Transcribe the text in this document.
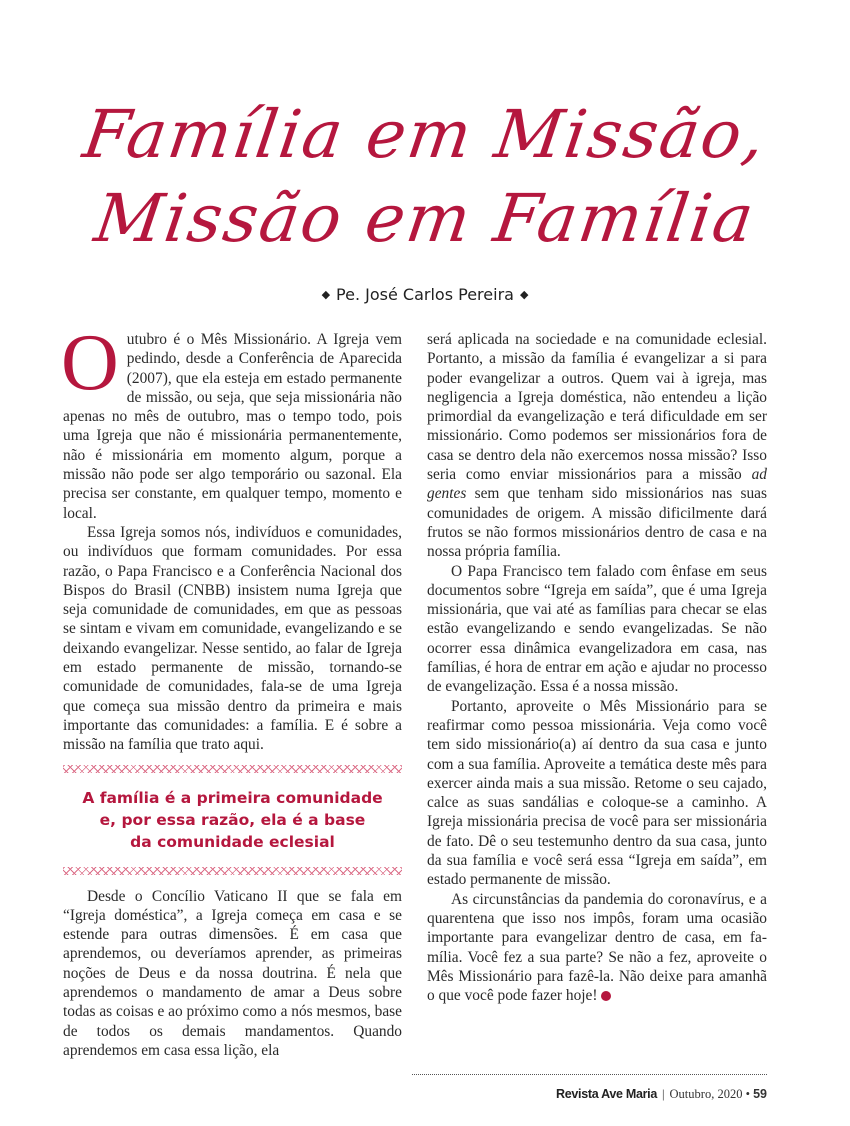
Família em Missão,
Missão em Família
◆ Pe. José Carlos Pereira ◆

Outubro é o Mês Missionário. A Igreja vem pedindo, desde a Conferência de Aparecida (2007), que ela esteja em estado permanente de missão, ou seja, que seja missionária não apenas no mês de outubro, mas o tempo todo, pois uma Igreja que não é missionária permanentemente, não é missionária em momento algum, porque a missão não pode ser algo temporário ou sazonal. Ela precisa ser constante, em qualquer tempo, momento e local.

Essa Igreja somos nós, indivíduos e comunidades, ou indivíduos que formam comunidades. Por essa razão, o Papa Francisco e a Conferência Nacional dos Bispos do Brasil (CNBB) insistem numa Igreja que seja comunidade de comunidades, em que as pessoas se sintam e vivam em comunidade, evangelizando e se deixando evangelizar. Nesse sentido, ao falar de Igreja em estado permanente de missão, tornando-se comunidade de comunidades, fala-se de uma Igreja que começa sua missão dentro da primeira e mais importante das comunidades: a família. E é sobre a missão na família que trato aqui.

A família é a primeira comunidade
e, por essa razão, ela é a base
da comunidade eclesial

Desde o Concílio Vaticano II que se fala em “Igreja doméstica”, a Igreja começa em casa e se estende para outras dimensões. É em casa que aprendemos, ou deveríamos aprender, as primeiras noções de Deus e da nossa doutrina. É nela que aprendemos o mandamento de amar a Deus sobre todas as coisas e ao próximo como a nós mesmos, base de todos os demais mandamentos. Quando aprendemos em casa essa lição, ela

será aplicada na sociedade e na comunidade eclesial. Portanto, a missão da família é evangelizar a si para poder evangelizar a outros. Quem vai à igreja, mas negligencia a Igreja doméstica, não entendeu a lição primordial da evangelização e terá dificuldade em ser missionário. Como podemos ser missionários fora de casa se dentro dela não exercemos nossa missão? Isso seria como enviar missionários para a missão ad gentes sem que tenham sido missionários nas suas comunidades de origem. A missão dificilmente dará frutos se não formos missionários dentro de casa e na nossa própria família.

O Papa Francisco tem falado com ênfase em seus documentos sobre “Igreja em saída”, que é uma Igreja missionária, que vai até as famílias para checar se elas estão evangelizando e sendo evangelizadas. Se não ocorrer essa dinâmica evangelizadora em casa, nas famílias, é hora de entrar em ação e ajudar no processo de evangelização. Essa é a nossa missão.

Portanto, aproveite o Mês Missionário para se reafirmar como pessoa missionária. Veja como você tem sido missionário(a) aí dentro da sua casa e junto com a sua família. Aproveite a temática deste mês para exercer ainda mais a sua missão. Retome o seu cajado, calce as suas sandálias e coloque-se a caminho. A Igreja missionária precisa de você para ser missionária de fato. Dê o seu testemunho dentro da sua casa, junto da sua família e você será essa “Igreja em saída”, em estado permanente de missão.

As circunstâncias da pandemia do coronavírus, e a quarentena que isso nos impôs, foram uma ocasião importante para evangelizar dentro de casa, em família. Você fez a sua parte? Se não a fez, aproveite o Mês Missionário para fazê-la. Não deixe para amanhã o que você pode fazer hoje!

Revista Ave Maria | Outubro, 2020 • 59
